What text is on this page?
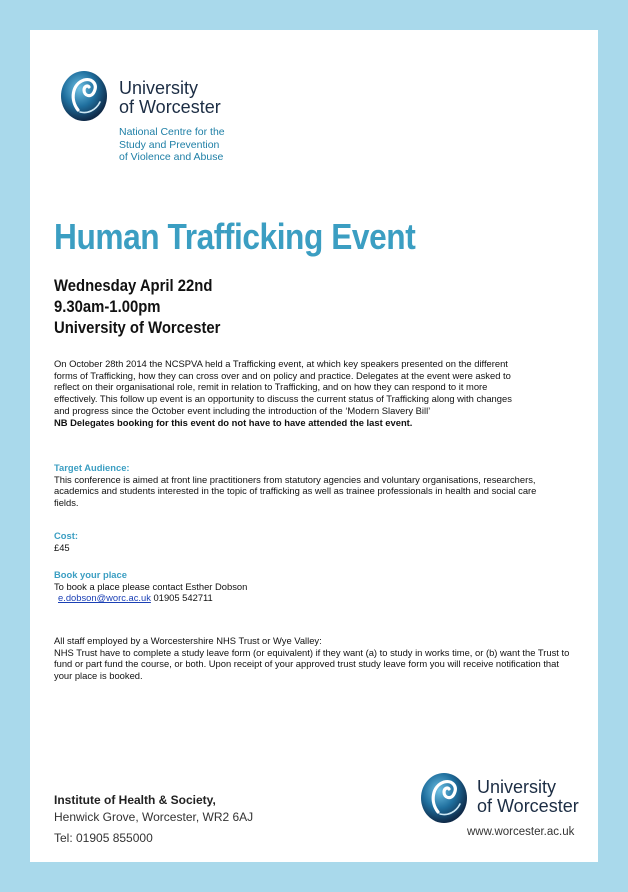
University
of Worcester
National Centre for the
Study and Prevention
of Violence and Abuse
Human Trafficking Event
Wednesday April 22nd
9.30am-1.00pm
University of Worcester
On October 28th 2014 the NCSPVA held a Trafficking event, at which key speakers presented on the different
forms of Trafficking, how they can cross over and on policy and practice. Delegates at the event were asked to
reflect on their organisational role, remit in relation to Trafficking, and on how they can respond to it more
effectively. This follow up event is an opportunity to discuss the current status of Trafficking along with changes
and progress since the October event including the introduction of the ‘Modern Slavery Bill’
NB Delegates booking for this event do not have to have attended the last event.
Target Audience:
This conference is aimed at front line practitioners from statutory agencies and voluntary organisations, researchers,
academics and students interested in the topic of trafficking as well as trainee professionals in health and social care
fields.
Cost:
£45
Book your place
To book a place please contact Esther Dobson
e.dobson@worc.ac.uk 01905 542711
All staff employed by a Worcestershire NHS Trust or Wye Valley:
NHS Trust have to complete a study leave form (or equivalent) if they want (a) to study in works time, or (b) want the Trust to
fund or part fund the course, or both. Upon receipt of your approved trust study leave form you will receive notification that
your place is booked.
Institute of Health & Society,
Henwick Grove, Worcester, WR2 6AJ
Tel: 01905 855000
University
of Worcester
www.worcester.ac.uk
